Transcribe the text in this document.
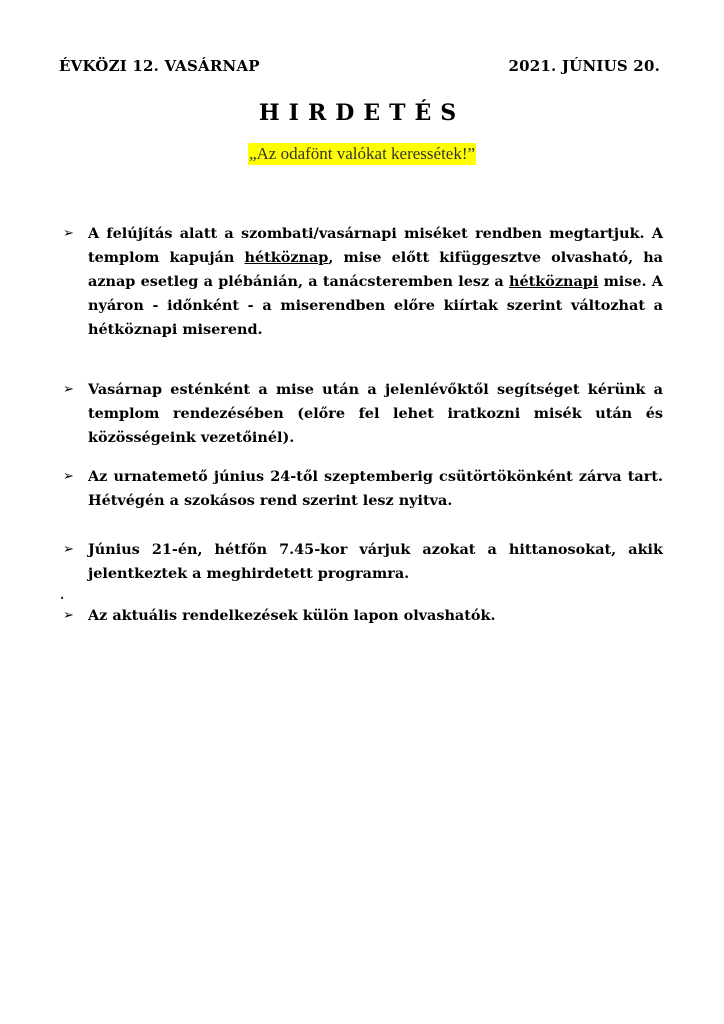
ÉVKÖZI 12. VASÁRNAP	2021. JÚNIUS 20.
HIRDETÉS
„Az odafönt valókat keressétek!”
➢ A felújítás alatt a szombati/vasárnapi miséket rendben megtartjuk. A templom kapuján hétköznap, mise előtt kifüggesztve olvasható, ha aznap esetleg a plébánián, a tanácsteremben lesz a hétköznapi mise. A nyáron - időnként - a miserendben előre kiírtak szerint változhat a hétköznapi miserend.
➢ Vasárnap esténként a mise után a jelenlévőktől segítséget kérünk a templom rendezésében (előre fel lehet iratkozni misék után és közösségeink vezetőinél).
➢ Az urnatemető június 24-től szeptemberig csütörtökönként zárva tart. Hétvégén a szokásos rend szerint lesz nyitva.
➢ Június 21-én, hétfőn 7.45-kor várjuk azokat a hittanosokat, akik jelentkeztek a meghirdetett programra.
.
➢ Az aktuális rendelkezések külön lapon olvashatók.
